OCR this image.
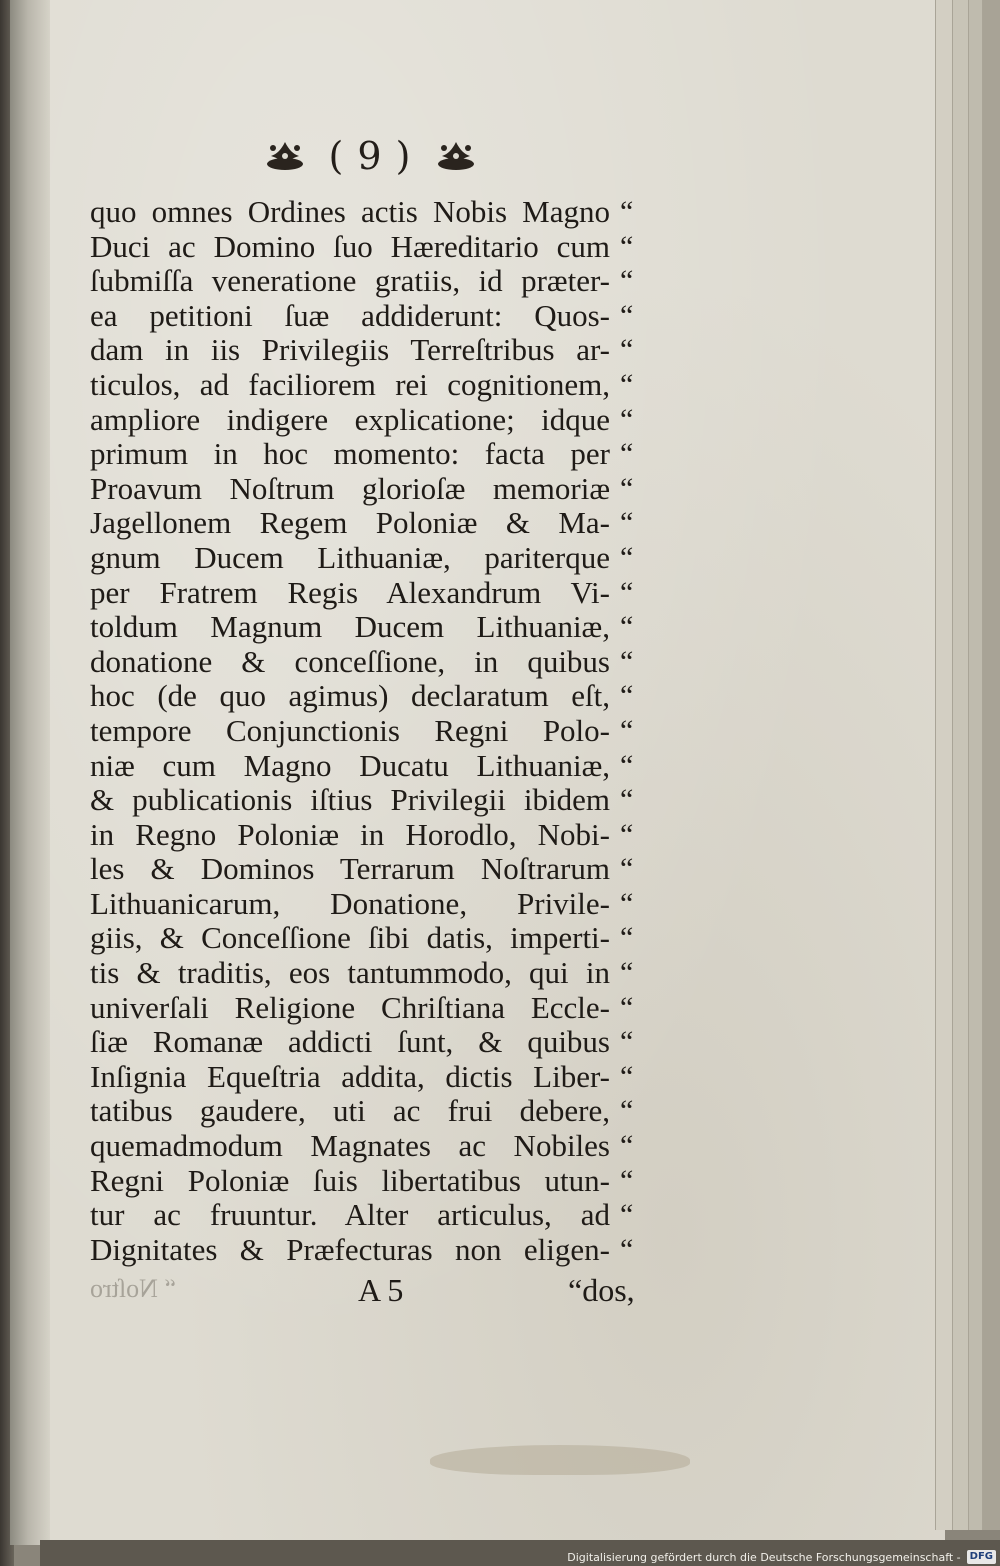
( 9 )
quo omnes Ordines actis Nobis Magno “
Duci ac Domino ſuo Hæreditario cum “
ſubmiſſa veneratione gratiis, id præter- “
ea petitioni ſuæ addiderunt: Quos- “
dam in iis Privilegiis Terreſtribus ar- “
ticulos, ad faciliorem rei cognitionem, “
ampliore indigere explicatione; idque “
primum in hoc momento: facta per “
Proavum Noſtrum glorioſæ memoriæ “
Jagellonem Regem Poloniæ & Ma- “
gnum Ducem Lithuaniæ, pariterque “
per Fratrem Regis Alexandrum Vi- “
toldum Magnum Ducem Lithuaniæ, “
donatione & conceſſione, in quibus “
hoc (de quo agimus) declaratum eſt, “
tempore Conjunctionis Regni Polo- “
niæ cum Magno Ducatu Lithuaniæ, “
& publicationis iſtius Privilegii ibidem “
in Regno Poloniæ in Horodlo, Nobi- “
les & Dominos Terrarum Noſtrarum “
Lithuanicarum, Donatione, Privile- “
giis, & Conceſſione ſibi datis, imperti- “
tis & traditis, eos tantummodo, qui in “
univerſali Religione Chriſtiana Eccle- “
ſiæ Romanæ addicti ſunt, & quibus “
Inſignia Equeſtria addita, dictis Liber- “
tatibus gaudere, uti ac frui debere, “
quemadmodum Magnates ac Nobiles “
Regni Poloniæ ſuis libertatibus utun- “
tur ac fruuntur. Alter articulus, ad “
Dignitates & Præfecturas non eligen- “
“ Noſtro	A 5	“dos,
Digitalisierung gefördert durch die Deutsche Forschungsgemeinschaft - DFG
